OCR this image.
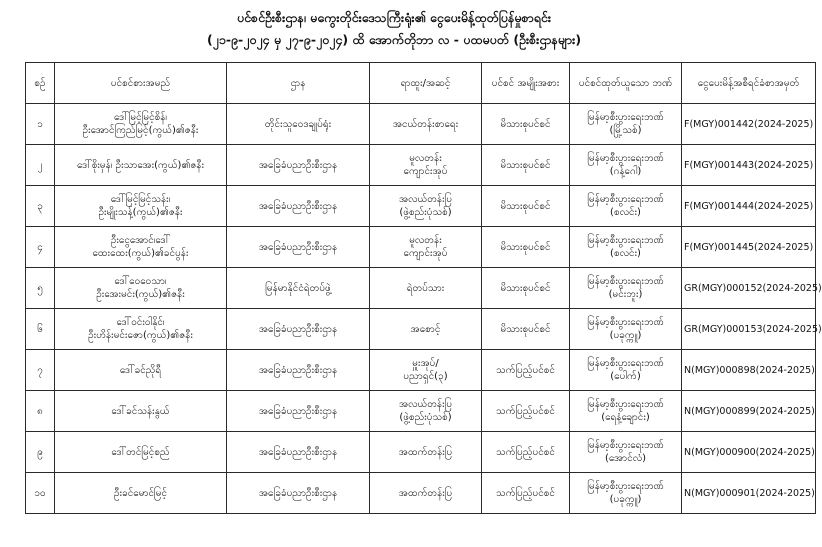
ပင်စင်ဦးစီးဌာန၊ မကွေးတိုင်းဒေသကြီးရုံး၏ ငွေပေးမိန့်ထုတ်ပြန်မှုစာရင်း
(၂၁-၉-၂၀၂၄ မှ ၂၇-၉-၂၀၂၄) ထိ အောက်တိုဘာ လ - ပထမပတ် (ဦးစီးဌာနများ)
စဉ်	ပင်စင်စားအမည်	ဌာန	ရာထူး/အဆင့်	ပင်စင် အမျိုးအစား	ပင်စင်ထုတ်ယူသော ဘဏ်	ငွေပေးမိန့်အစီရင်ခံစာအမှတ်
၁	ဒေါ်မြင့်မြင့်စိန်၊
ဦးအောင်ကြည်မြင့်(ကွယ်)၏ဇနီး	တိုင်းသူဝေဒချုပ်ရုံး	အငယ်တန်းစာရေး	မိသားစုပင်စင်	မြန်မာ့စီးပွားရေးဘဏ်
(မြို့သစ်)	F(MGY)001442(2024-2025)
၂	ဒေါ်စိုးမှန်၊ ဦးသာအေး(ကွယ်)၏ဇနီး	အခြေခံပညာဦးစီးဌာန	မူလတန်း
ကျောင်းအုပ်	မိသားစုပင်စင်	မြန်မာ့စီးပွားရေးဘဏ်
(ဂန့်ဂေါ)	F(MGY)001443(2024-2025)
၃	ဒေါ်မြင့်မြင့်သန်း၊
ဦးမျိုးသန့်(ကွယ်)၏ဇနီး	အခြေခံပညာဦးစီးဌာန	အလယ်တန်းပြ
(ဖွဲ့စည်းပုံသစ်)	မိသားစုပင်စင်	မြန်မာ့စီးပွားရေးဘဏ်
(စလင်း)	F(MGY)001444(2024-2025)
၄	ဦးငွေအောင်၊ဒေါ်
ထေးထေး(ကွယ်)၏ခင်ပွန်း	အခြေခံပညာဦးစီးဌာန	မူလတန်း
ကျောင်းအုပ်	မိသားစုပင်စင်	မြန်မာ့စီးပွားရေးဘဏ်
(စလင်း)	F(MGY)001445(2024-2025)
၅	ဒေါ်ဝေဝေသာ၊
ဦးအေးမင်း(ကွယ်)၏ဇနီး	မြန်မာနိုင်ငံရဲတပ်ဖွဲ့	ရဲတပ်သား	မိသားစုပင်စင်	မြန်မာ့စီးပွားရေးဘဏ်
(မင်းဘူး)	GR(MGY)000152(2024-2025)
၆	ဒေါ်ဝင်းဝါနိုင်၊
ဦးဟိန်းမင်းဇော(ကွယ်)၏ဇနီး	အခြေခံပညာဦးစီးဌာန	အစောင့်	မိသားစုပင်စင်	မြန်မာ့စီးပွားရေးဘဏ်
(ပခုက္ကူ)	GR(MGY)000153(2024-2025)
၇	ဒေါ်ခင်ညိုရီ	အခြေခံပညာဦးစီးဌာန	မှူးအုပ်/
ပညာရှင်(၃)	သက်ပြည့်ပင်စင်	မြန်မာ့စီးပွားရေးဘဏ်
(ပေါက်)	N(MGY)000898(2024-2025)
၈	ဒေါ်ခင်သန်းနွယ်	အခြေခံပညာဦးစီးဌာန	အလယ်တန်းပြ
(ဖွဲ့စည်းပုံသစ်)	သက်ပြည့်ပင်စင်	မြန်မာ့စီးပွားရေးဘဏ်
(ရေနံ့ချောင်း)	N(MGY)000899(2024-2025)
၉	ဒေါ်တင်မြင့်စည်	အခြေခံပညာဦးစီးဌာန	အထက်တန်းပြ	သက်ပြည့်ပင်စင်	မြန်မာ့စီးပွားရေးဘဏ်
(အောင်လံ)	N(MGY)000900(2024-2025)
၁၀	ဦးခင်မောင်မြင့်	အခြေခံပညာဦးစီးဌာန	အထက်တန်းပြ	သက်ပြည့်ပင်စင်	မြန်မာ့စီးပွားရေးဘဏ်
(ပခုက္ကူ)	N(MGY)000901(2024-2025)
